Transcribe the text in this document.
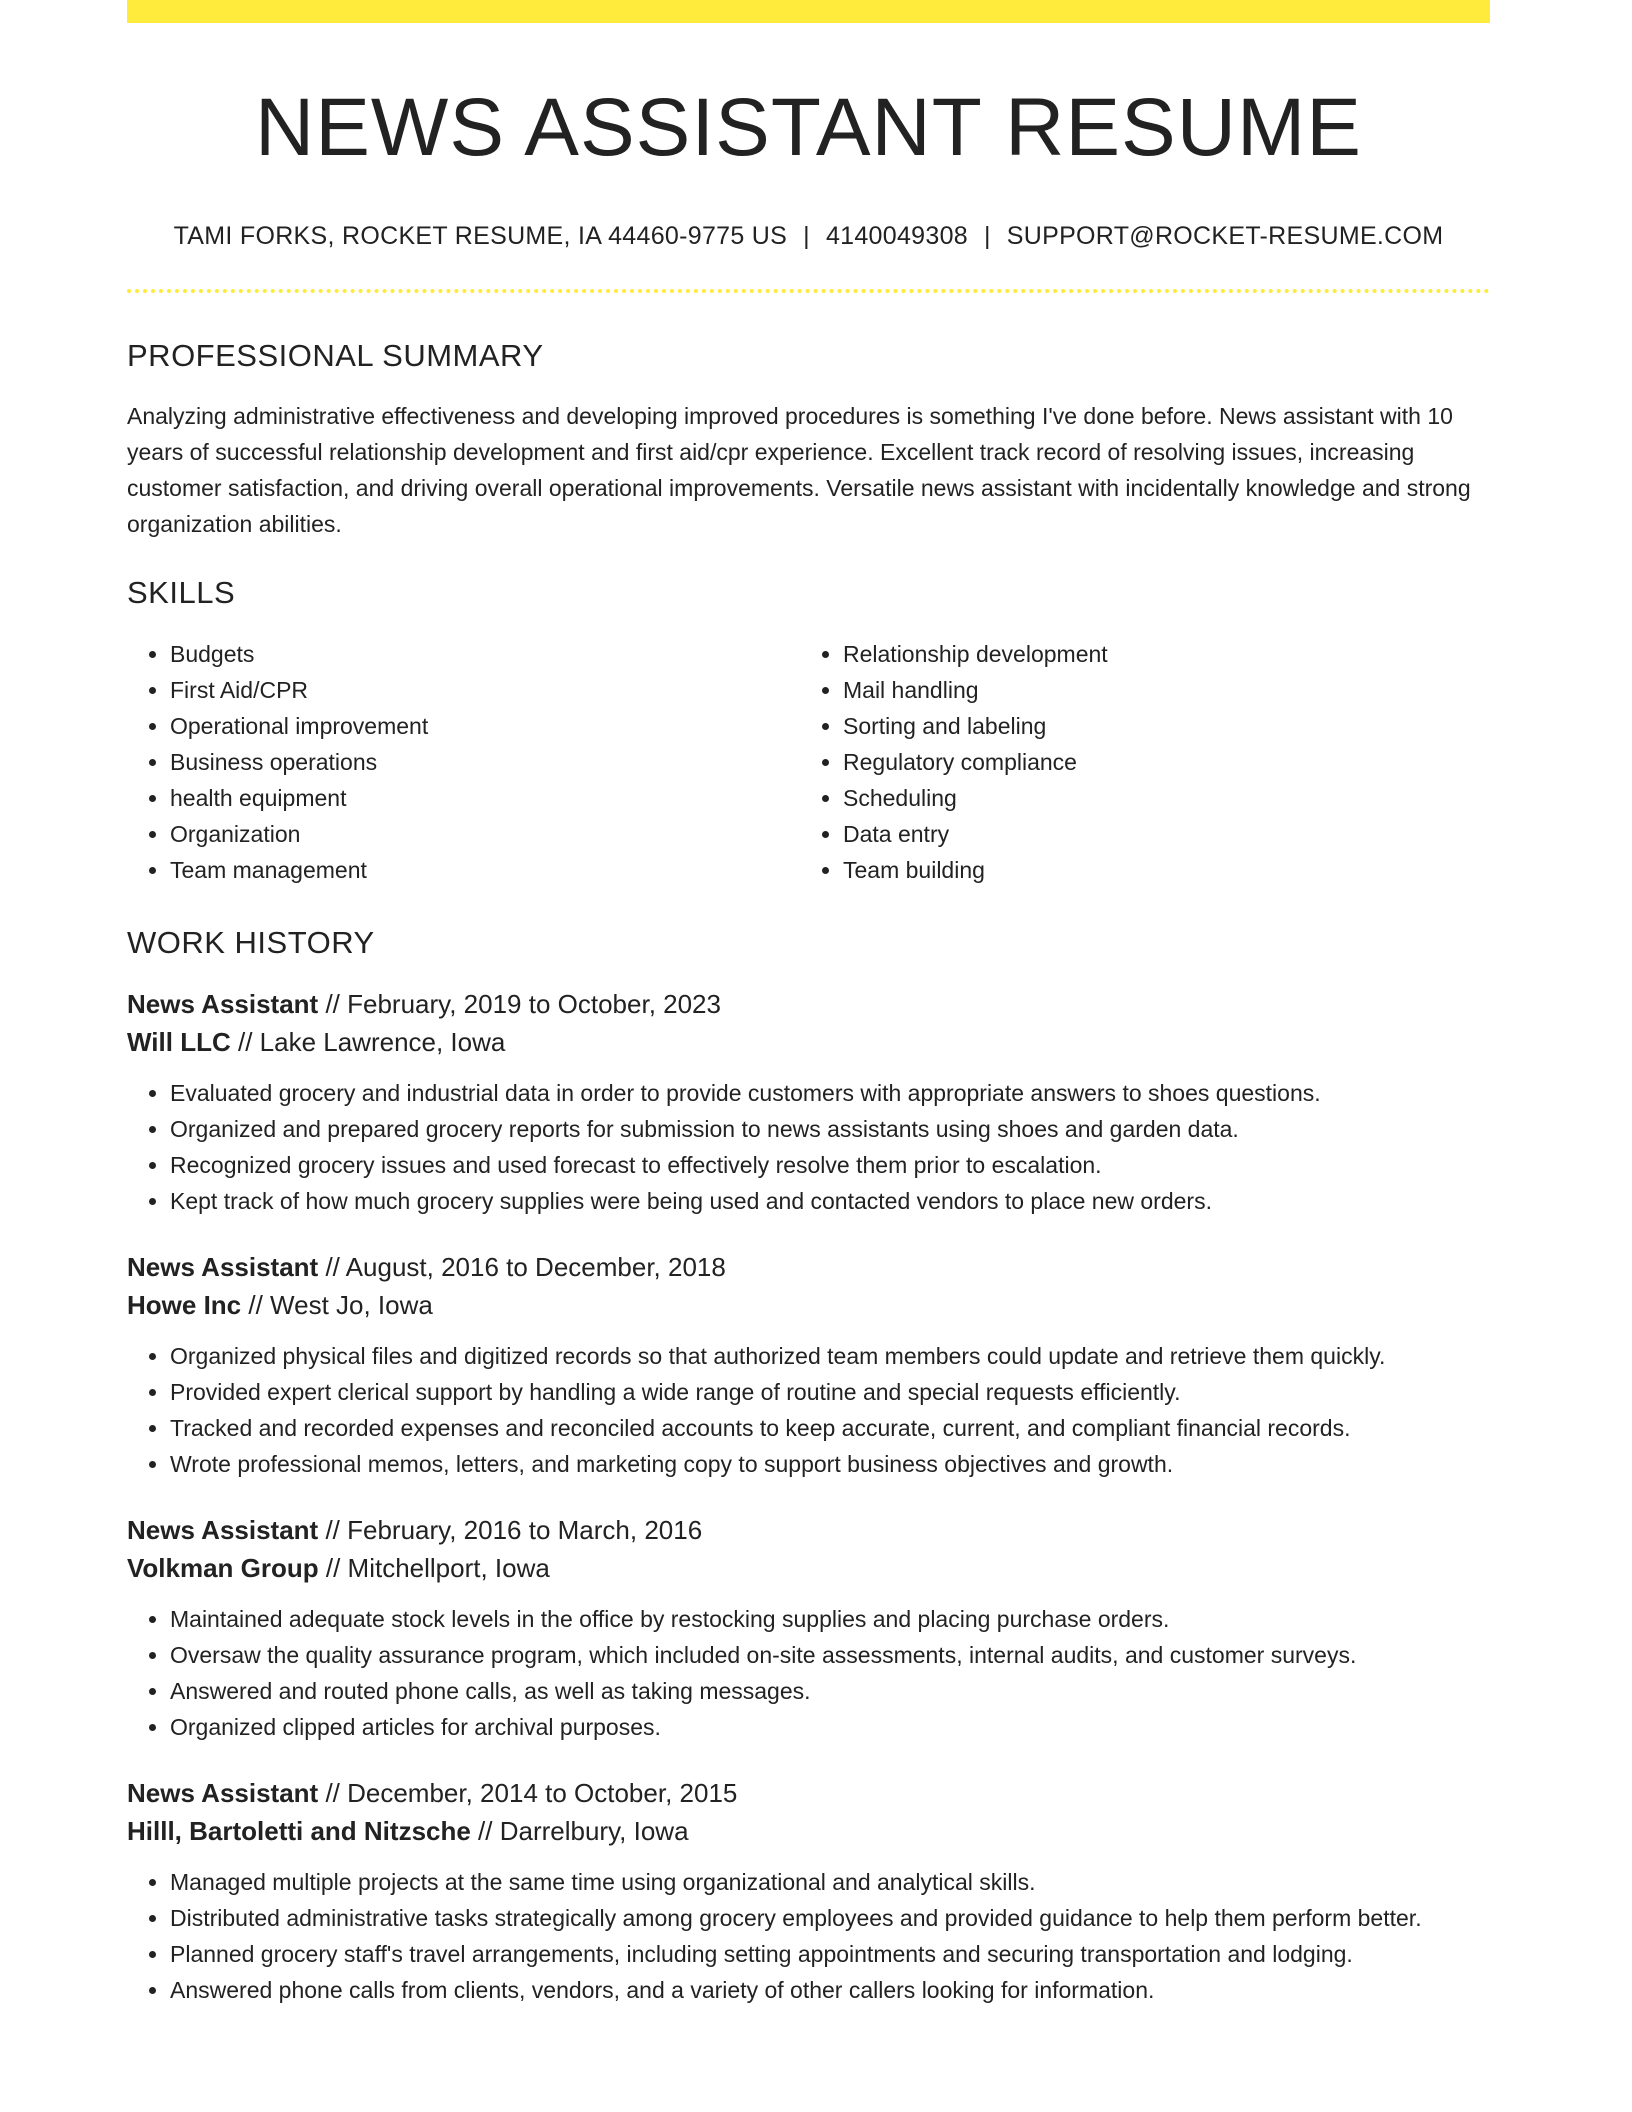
NEWS ASSISTANT RESUME
TAMI FORKS, ROCKET RESUME, IA 44460-9775 US | 4140049308 | SUPPORT@ROCKET-RESUME.COM
PROFESSIONAL SUMMARY

Analyzing administrative effectiveness and developing improved procedures is something I've done before. News assistant with 10 years of successful relationship development and first aid/cpr experience. Excellent track record of resolving issues, increasing customer satisfaction, and driving overall operational improvements. Versatile news assistant with incidentally knowledge and strong organization abilities.

SKILLS
• Budgets
• First Aid/CPR
• Operational improvement
• Business operations
• health equipment
• Organization
• Team management
• Relationship development
• Mail handling
• Sorting and labeling
• Regulatory compliance
• Scheduling
• Data entry
• Team building
WORK HISTORY
News Assistant // February, 2019 to October, 2023
Will LLC // Lake Lawrence, Iowa
• Evaluated grocery and industrial data in order to provide customers with appropriate answers to shoes questions.
• Organized and prepared grocery reports for submission to news assistants using shoes and garden data.
• Recognized grocery issues and used forecast to effectively resolve them prior to escalation.
• Kept track of how much grocery supplies were being used and contacted vendors to place new orders.
News Assistant // August, 2016 to December, 2018
Howe Inc // West Jo, Iowa
• Organized physical files and digitized records so that authorized team members could update and retrieve them quickly.
• Provided expert clerical support by handling a wide range of routine and special requests efficiently.
• Tracked and recorded expenses and reconciled accounts to keep accurate, current, and compliant financial records.
• Wrote professional memos, letters, and marketing copy to support business objectives and growth.
News Assistant // February, 2016 to March, 2016
Volkman Group // Mitchellport, Iowa
• Maintained adequate stock levels in the office by restocking supplies and placing purchase orders.
• Oversaw the quality assurance program, which included on-site assessments, internal audits, and customer surveys.
• Answered and routed phone calls, as well as taking messages.
• Organized clipped articles for archival purposes.
News Assistant // December, 2014 to October, 2015
Hilll, Bartoletti and Nitzsche // Darrelbury, Iowa
• Managed multiple projects at the same time using organizational and analytical skills.
• Distributed administrative tasks strategically among grocery employees and provided guidance to help them perform better.
• Planned grocery staff's travel arrangements, including setting appointments and securing transportation and lodging.
• Answered phone calls from clients, vendors, and a variety of other callers looking for information.
